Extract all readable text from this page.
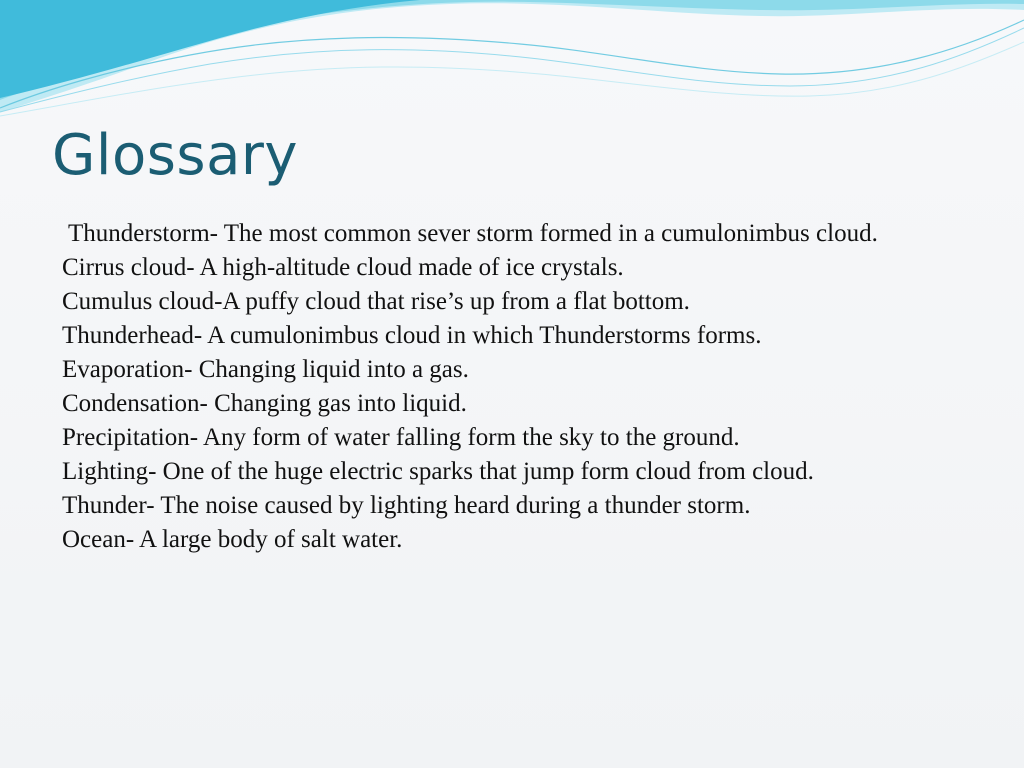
Glossary
Thunderstorm- The most common sever storm formed in a cumulonimbus cloud.
Cirrus cloud- A high-altitude cloud made of ice crystals.
Cumulus cloud-A puffy cloud that rise’s up from a flat bottom.
Thunderhead- A cumulonimbus cloud in which Thunderstorms forms.
Evaporation- Changing liquid into a gas.
Condensation- Changing gas into liquid.
Precipitation- Any form of water falling form the sky to the ground.
Lighting- One of the huge electric sparks that jump form cloud from cloud.
Thunder- The noise caused by lighting heard during a thunder storm.
Ocean- A large body of salt water.
